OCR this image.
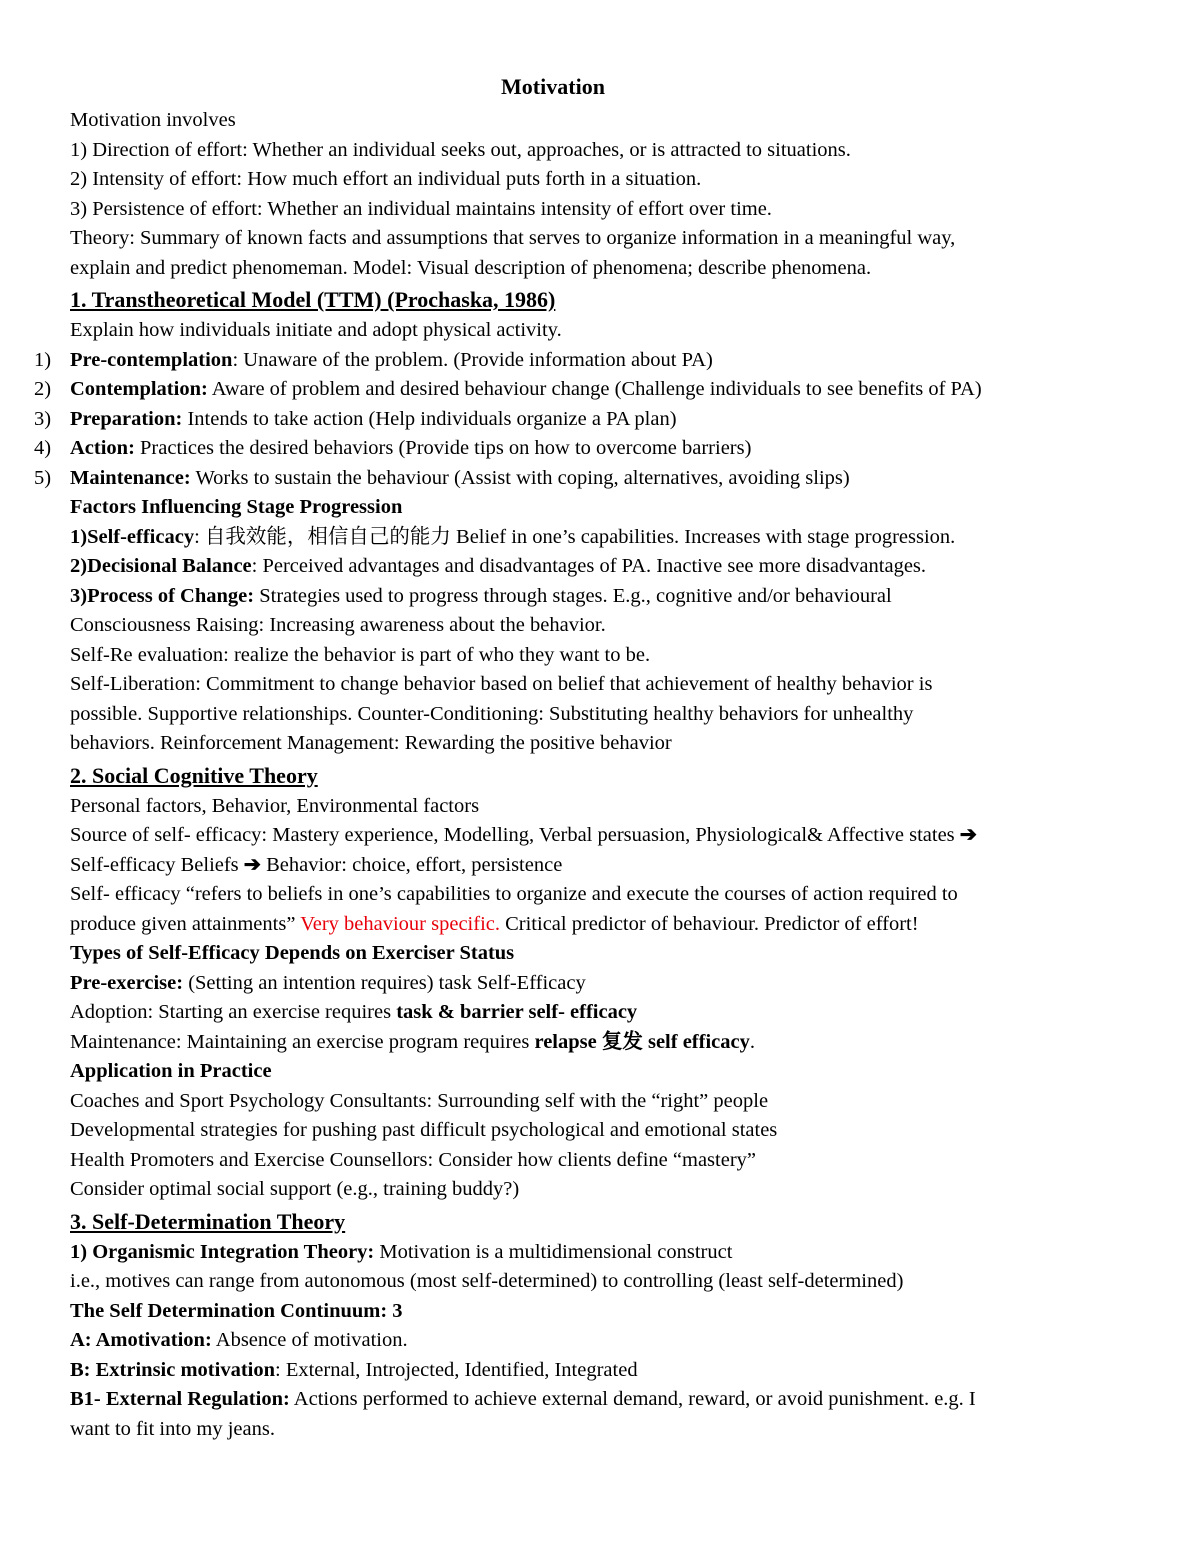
Motivation
Motivation involves
1) Direction of effort: Whether an individual seeks out, approaches, or is attracted to situations.
2) Intensity of effort: How much effort an individual puts forth in a situation.
3) Persistence of effort: Whether an individual maintains intensity of effort over time.
Theory: Summary of known facts and assumptions that serves to organize information in a meaningful way,
explain and predict phenomeman. Model: Visual description of phenomena; describe phenomena.
1. Transtheoretical Model (TTM) (Prochaska, 1986)
Explain how individuals initiate and adopt physical activity.
1) Pre-contemplation: Unaware of the problem. (Provide information about PA)
2) Contemplation: Aware of problem and desired behaviour change (Challenge individuals to see benefits of PA)
3) Preparation: Intends to take action (Help individuals organize a PA plan)
4) Action: Practices the desired behaviors (Provide tips on how to overcome barriers)
5) Maintenance: Works to sustain the behaviour (Assist with coping, alternatives, avoiding slips)
Factors Influencing Stage Progression
1)Self-efficacy: 自我效能，相信自己的能力 Belief in one’s capabilities. Increases with stage progression.
2)Decisional Balance: Perceived advantages and disadvantages of PA. Inactive see more disadvantages.
3)Process of Change: Strategies used to progress through stages. E.g., cognitive and/or behavioural
Consciousness Raising: Increasing awareness about the behavior.
Self-Re evaluation: realize the behavior is part of who they want to be.
Self-Liberation: Commitment to change behavior based on belief that achievement of healthy behavior is
possible. Supportive relationships. Counter-Conditioning: Substituting healthy behaviors for unhealthy
behaviors. Reinforcement Management: Rewarding the positive behavior
2. Social Cognitive Theory
Personal factors, Behavior, Environmental factors
Source of self- efficacy: Mastery experience, Modelling, Verbal persuasion, Physiological& Affective states ➔
Self-efficacy Beliefs ➔ Behavior: choice, effort, persistence
Self- efficacy “refers to beliefs in one’s capabilities to organize and execute the courses of action required to
produce given attainments” Very behaviour specific. Critical predictor of behaviour. Predictor of effort!
Types of Self-Efficacy Depends on Exerciser Status
Pre-exercise: (Setting an intention requires) task Self-Efficacy
Adoption: Starting an exercise requires task & barrier self- efficacy
Maintenance: Maintaining an exercise program requires relapse 复发 self efficacy.
Application in Practice
Coaches and Sport Psychology Consultants: Surrounding self with the “right” people
Developmental strategies for pushing past difficult psychological and emotional states
Health Promoters and Exercise Counsellors: Consider how clients define “mastery”
Consider optimal social support (e.g., training buddy?)
3. Self-Determination Theory
1) Organismic Integration Theory: Motivation is a multidimensional construct
i.e., motives can range from autonomous (most self-determined) to controlling (least self-determined)
The Self Determination Continuum: 3
A: Amotivation: Absence of motivation.
B: Extrinsic motivation: External, Introjected, Identified, Integrated
B1- External Regulation: Actions performed to achieve external demand, reward, or avoid punishment. e.g. I
want to fit into my jeans.
